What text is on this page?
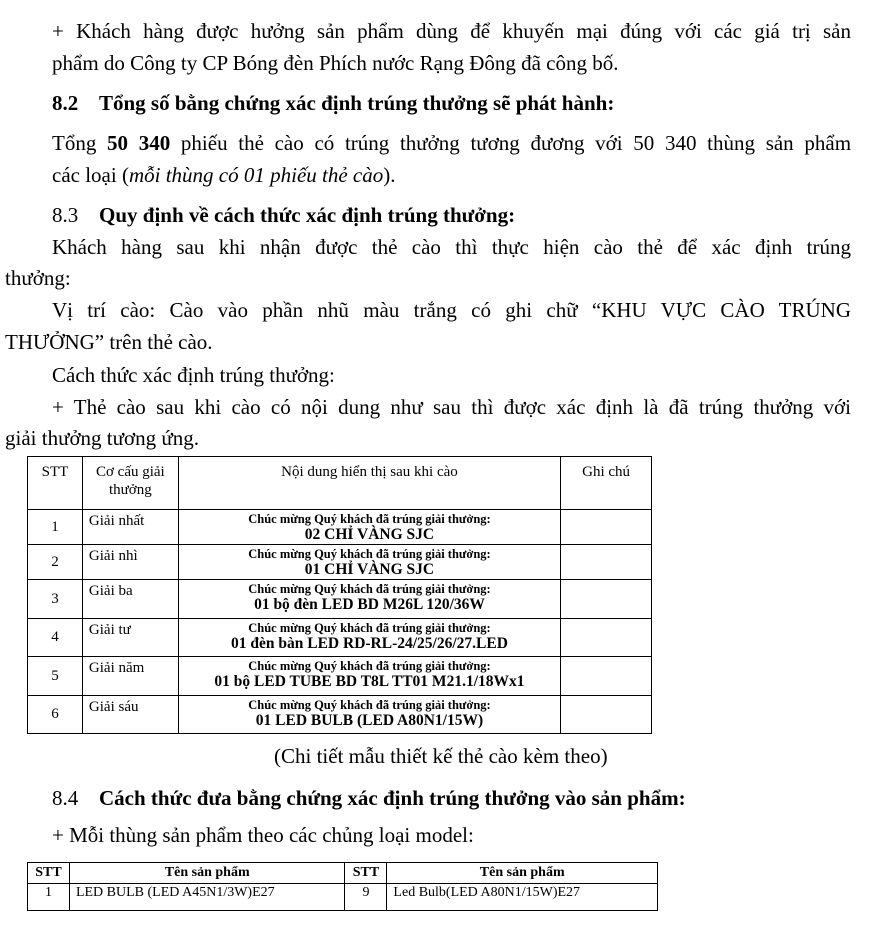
+ Khách hàng được hưởng sản phẩm dùng để khuyến mại đúng với các giá trị sản
phẩm do Công ty CP Bóng đèn Phích nước Rạng Đông đã công bố.
8.2 Tổng số bằng chứng xác định trúng thưởng sẽ phát hành:
Tổng 50 340 phiếu thẻ cào có trúng thưởng tương đương với 50 340 thùng sản phẩm
các loại (mỗi thùng có 01 phiếu thẻ cào).
8.3 Quy định về cách thức xác định trúng thưởng:
Khách hàng sau khi nhận được thẻ cào thì thực hiện cào thẻ để xác định trúng
thưởng:
Vị trí cào: Cào vào phần nhũ màu trắng có ghi chữ “KHU VỰC CÀO TRÚNG
THƯỞNG” trên thẻ cào.
Cách thức xác định trúng thưởng:
+ Thẻ cào sau khi cào có nội dung như sau thì được xác định là đã trúng thưởng với
giải thưởng tương ứng.
STT	Cơ cấu giải thưởng	Nội dung hiển thị sau khi cào	Ghi chú
1	Giải nhất	Chúc mừng Quý khách đã trúng giải thưởng:
02 CHỈ VÀNG SJC	

2	Giải nhì	Chúc mừng Quý khách đã trúng giải thưởng:
01 CHỈ VÀNG SJC	

3	Giải ba	Chúc mừng Quý khách đã trúng giải thưởng:
01 bộ đèn LED BD M26L 120/36W	

4	Giải tư	Chúc mừng Quý khách đã trúng giải thưởng:
01 đèn bàn LED RD-RL-24/25/26/27.LED	

5	Giải năm	Chúc mừng Quý khách đã trúng giải thưởng:
01 bộ LED TUBE BD T8L TT01 M21.1/18Wx1	

6	Giải sáu	Chúc mừng Quý khách đã trúng giải thưởng:
01 LED BULB (LED A80N1/15W)	

(Chi tiết mẫu thiết kế thẻ cào kèm theo)
8.4 Cách thức đưa bằng chứng xác định trúng thưởng vào sản phẩm:
+ Mỗi thùng sản phẩm theo các chủng loại model:
STT	Tên sản phẩm	STT	Tên sản phẩm
1	LED BULB (LED A45N1/3W)E27	9	Led Bulb(LED A80N1/15W)E27
